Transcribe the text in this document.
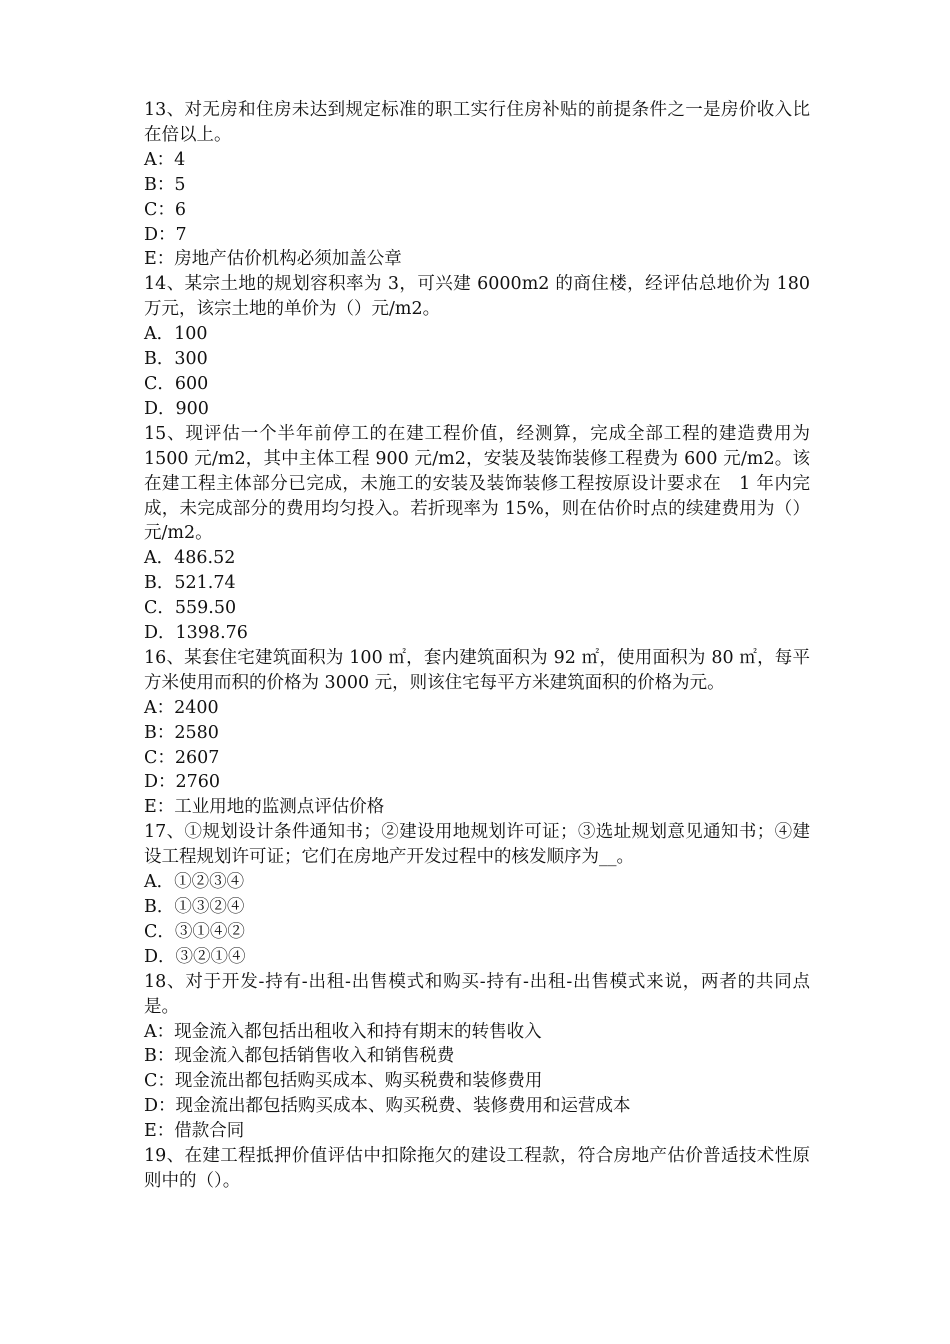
13、对无房和住房未达到规定标准的职工实行住房补贴的前提条件之一是房价收入比在倍以上。

A：4

B：5

C：6

D：7

E：房地产估价机构必须加盖公章

14、某宗土地的规划容积率为 3，可兴建 6000m2 的商住楼，经评估总地价为 180 万元，该宗土地的单价为（）元/m2。

A．100

B．300

C．600

D．900

15、现评估一个半年前停工的在建工程价值，经测算，完成全部工程的建造费用为 1500 元/m2，其中主体工程 900 元/m2，安装及装饰装修工程费为 600 元/m2。该在建工程主体部分已完成，未施工的安装及装饰装修工程按原设计要求在　1 年内完成，未完成部分的费用均匀投入。若折现率为 15%，则在估价时点的续建费用为（）元/m2。

A．486.52

B．521.74

C．559.50

D．1398.76

16、某套住宅建筑面积为 100 ㎡，套内建筑面积为 92 ㎡，使用面积为 80 ㎡，每平方米使用而积的价格为 3000 元，则该住宅每平方米建筑面积的价格为元。

A：2400

B：2580

C：2607

D：2760

E：工业用地的监测点评估价格

17、①规划设计条件通知书；②建设用地规划许可证；③选址规划意见通知书；④建设工程规划许可证；它们在房地产开发过程中的核发顺序为__。

A．①②③④

B．①③②④

C．③①④②

D．③②①④

18、对于开发-持有-出租-出售模式和购买-持有-出租-出售模式来说，两者的共同点是。

A：现金流入都包括出租收入和持有期末的转售收入

B：现金流入都包括销售收入和销售税费

C：现金流出都包括购买成本、购买税费和装修费用

D：现金流出都包括购买成本、购买税费、装修费用和运营成本

E：借款合同

19、在建工程抵押价值评估中扣除拖欠的建设工程款，符合房地产估价普适技术性原则中的（）。
